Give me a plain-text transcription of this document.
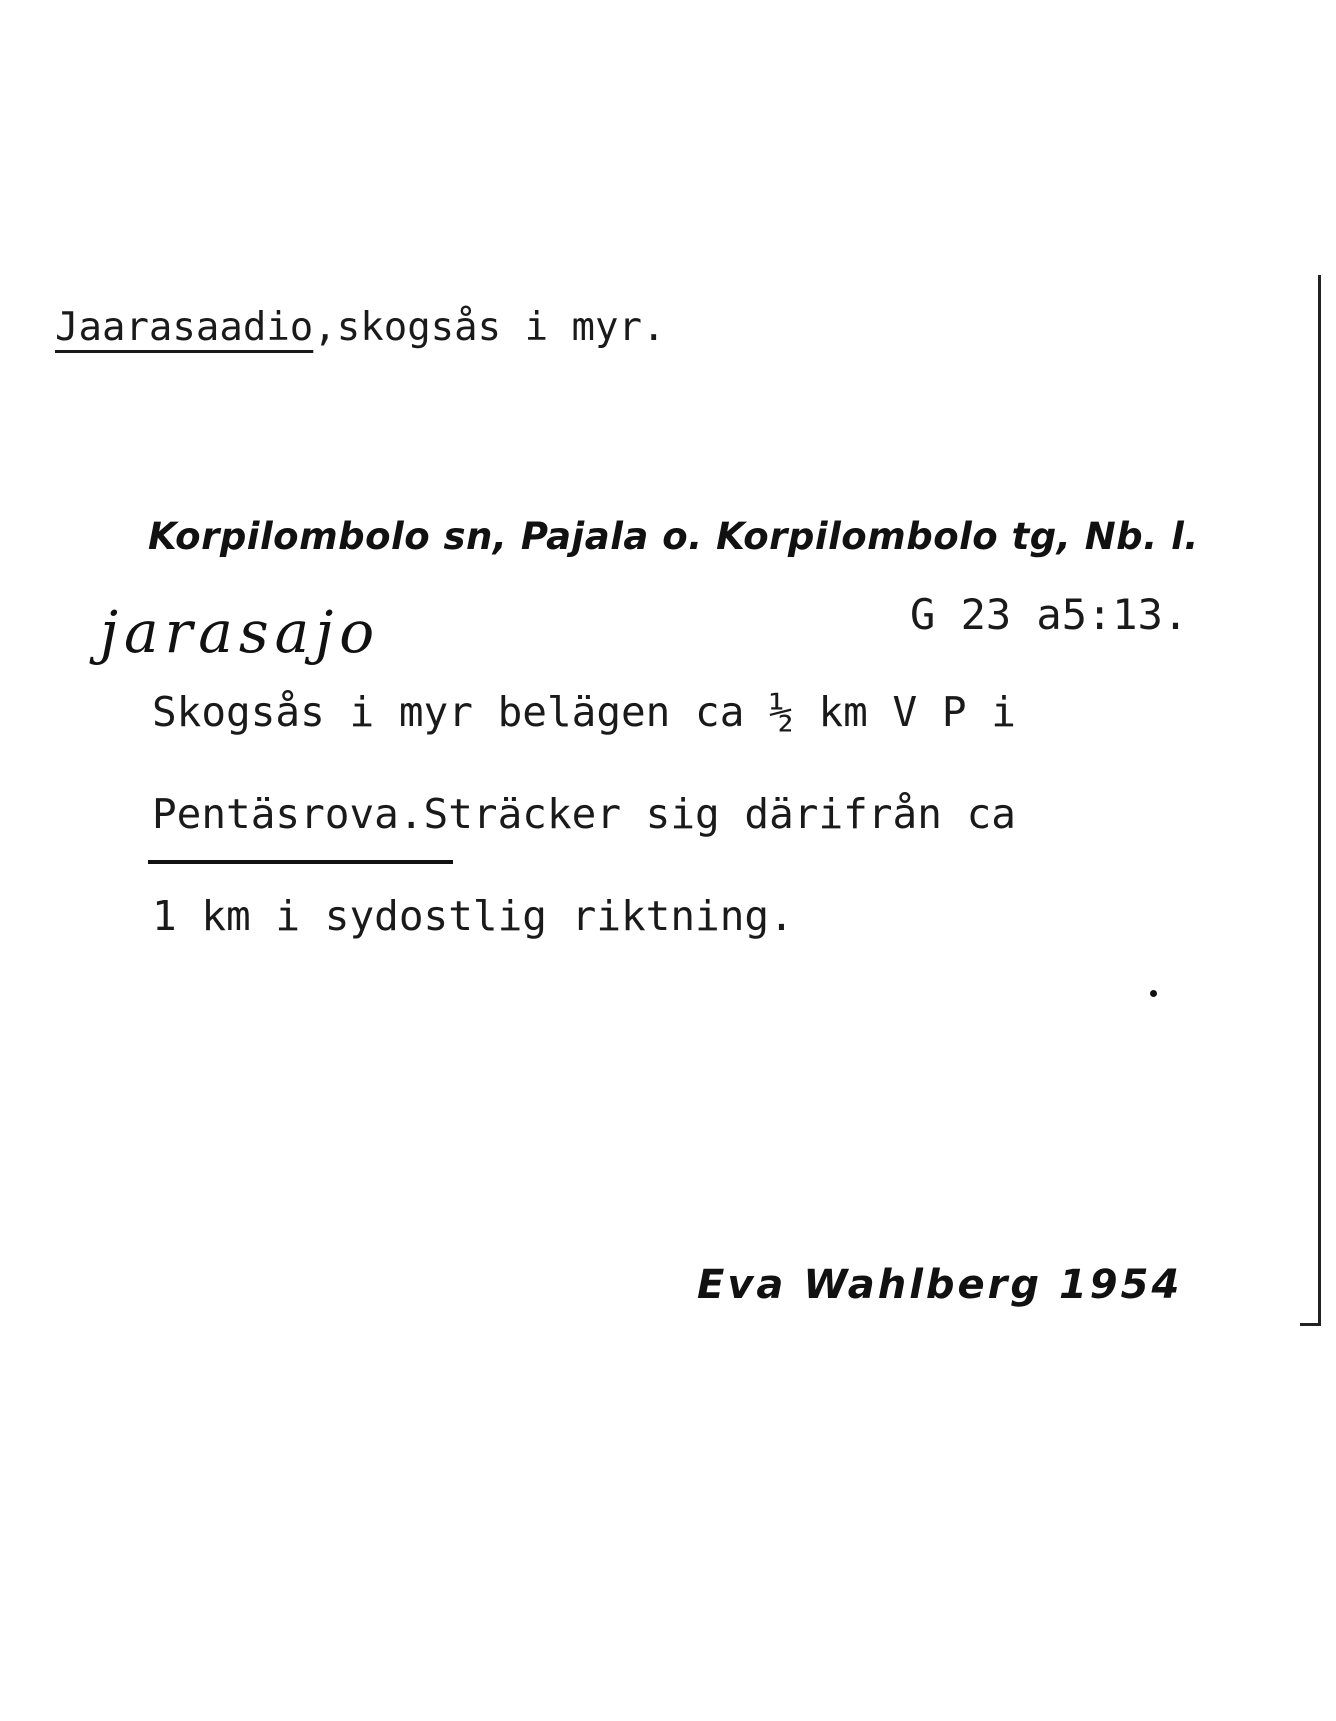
Jaarasaadio,skogsås i myr.
Korpilombolo sn, Pajala o. Korpilombolo tg, Nb. l.
jarasajo	G 23 a5:13.
Skogsås i myr belägen ca ½ km V P i
Pentäsrova.Sträcker sig därifrån ca
1 km i sydostlig riktning.
Eva Wahlberg 1954
